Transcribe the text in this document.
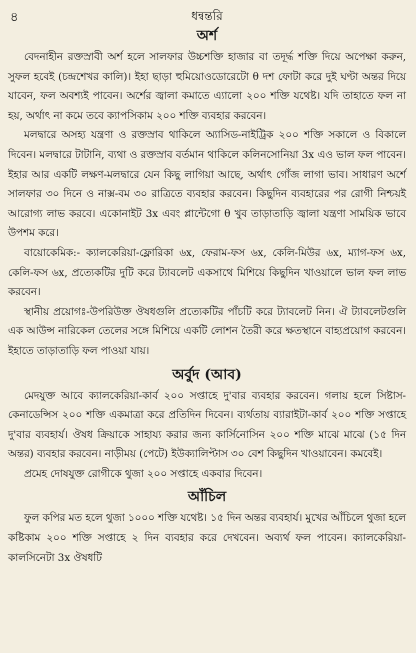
৪	ধন্বন্তরি
অর্শ

বেদনাহীন রক্তস্রাবী অর্শ হলে সালফার উচ্চশক্তি হাজার বা তদূর্দ্ধ শক্তি দিয়ে অপেক্ষা করুন, সুফল হবেই (চন্দ্রশেখর কালি)। ইহা ছাড়া হুমিয়োওডোরেটো θ দশ ফোটা করে দুই ঘণ্টা অন্তর দিয়ে যাবেন, ফল অবশ্যই পাবেন। অর্শের জ্বালা কমাতে এ্যালো ২০০ শক্তি যথেষ্ট। যদি তাহাতে ফল না হয়, অর্থাৎ না কমে তবে ক্যাপসিকাম ২০০ শক্তি ব্যবহার করবেন।

মলদ্বারে অসহ্য যন্ত্রণা ও রক্তস্রাব থাকিলে অ্যাসিড-নাইট্রিক ২০০ শক্তি সকালে ও বিকালে দিবেন। মলদ্বারে টাটানি, ব্যথা ও রক্তস্রাব বর্তমান থাকিলে কলিনসোনিয়া 3x এও ভাল ফল পাবেন। ইহার আর একটি লক্ষণ-মলদ্বারে যেন কিছু লাগিয়া আছে, অর্থাৎ গোঁজ লাগা ভাব। সাধারণ অর্শে সালফার ৩০ দিনে ও নাক্স-বম ৩০ রাত্রিতে ব্যবহার করবেন। কিছুদিন ব্যবহারের পর রোগী নিশ্চয়ই আরোগ্য লাভ করবে। একোনাইট 3x এবং প্লান্টেগো θ খুব তাড়াতাড়ি জ্বালা যন্ত্রণা সাময়িক ভাবে উপশম করে।

বায়োকেমিক:- ক্যালকেরিয়া-ফ্লোরিকা ৬x, ফেরাম-ফস ৬x, কেলি-মিউর ৬x, ম্যাগ-ফস ৬x, কেলি-ফস ৬x, প্রত্যেকটির দুটি করে ট্যাবলেট একসাথে মিশিয়ে কিছুদিন খাওয়ালে ভাল ফল লাভ করবেন।

স্থানীয় প্রয়োগঃ-উপরিউক্ত ঔষধগুলি প্রত্যেকটির পাঁচটি করে ট্যাবলেট নিন। ঐ ট্যাবলেটগুলি এক আউন্স নারিকেল তেলের সঙ্গে মিশিয়ে একটি লোশন তৈরী করে ক্ষতস্থানে বাহ্যপ্রয়োগ করবেন। ইহাতে তাড়াতাড়ি ফল পাওয়া যায়।

অর্বুদ (আব)

মেদযুক্ত আবে ক্যালকেরিয়া-কার্ব ২০০ সপ্তাহে দু'বার ব্যবহার করবেন। গলায় হলে সিষ্টাস-কেনাডেন্সিস ২০০ শক্তি একমাত্রা করে প্রতিদিন দিবেন। ব্যর্থতায় ব্যারাইটা-কার্ব ২০০ শক্তি সপ্তাহে দু'বার ব্যবহার্য। ঔষধ ক্রিয়াকে সাহায্য করার জন্য কার্সিনোসিন ২০০ শক্তি মাঝে মাঝে (১৫ দিন অন্তর) ব্যবহার করবেন। নাড়ীময় (পেটে) ইউক্যালিপ্টাস ৩০ বেশ কিছুদিন খাওয়াবেন। কমবেই।

প্রমেহ দোষযুক্ত রোগীকে থুজা ২০০ সপ্তাহে একবার দিবেন।

আঁচিল

ফুল কপির মত হলে থুজা ১০০০ শক্তি যথেষ্ট। ১৫ দিন অন্তর ব্যবহার্য। মুখের আঁচিলে থুজা হলে কষ্টিকাম ২০০ শক্তি সপ্তাহে ২ দিন ব্যবহার করে দেখবেন। অব্যর্থ ফল পাবেন। ক্যালকেরিয়া-কালসিনেটা 3x ঔষধটি
